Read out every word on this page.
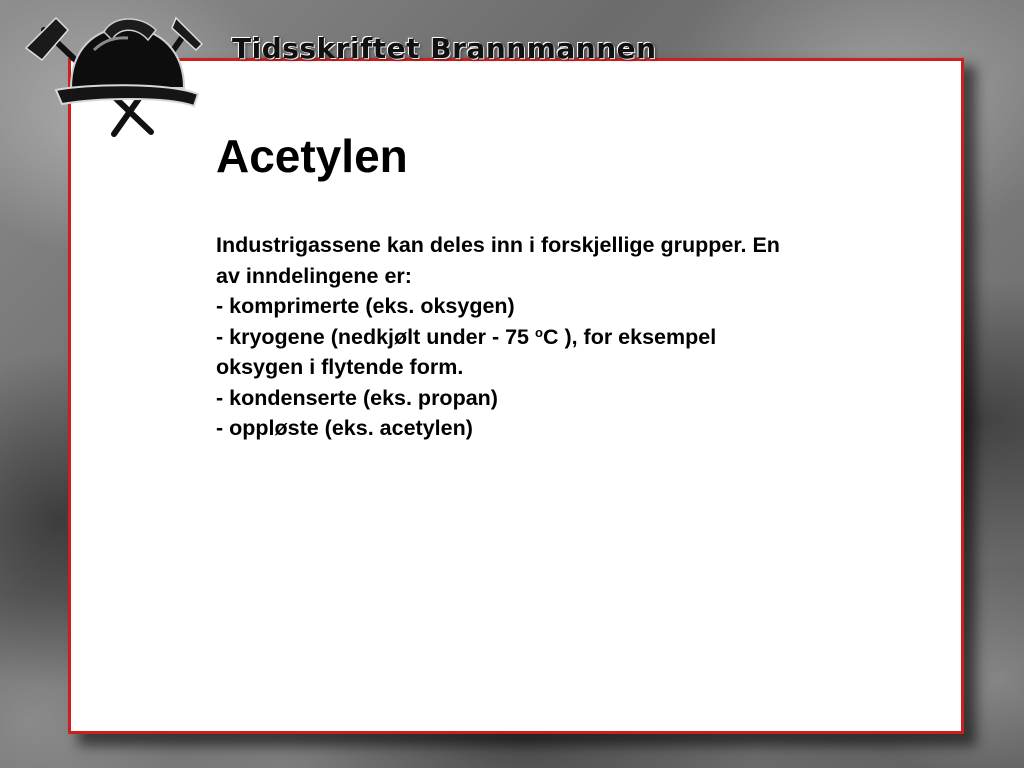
Tidsskriftet Brannmannen
Acetylen
Industrigassene kan deles inn i forskjellige grupper. En
av inndelingene er:
- komprimerte (eks. oksygen)
- kryogene (nedkjølt under - 75 $^o$C ), for eksempel
oksygen i flytende form.
- kondenserte (eks. propan)
- oppløste (eks. acetylen)
